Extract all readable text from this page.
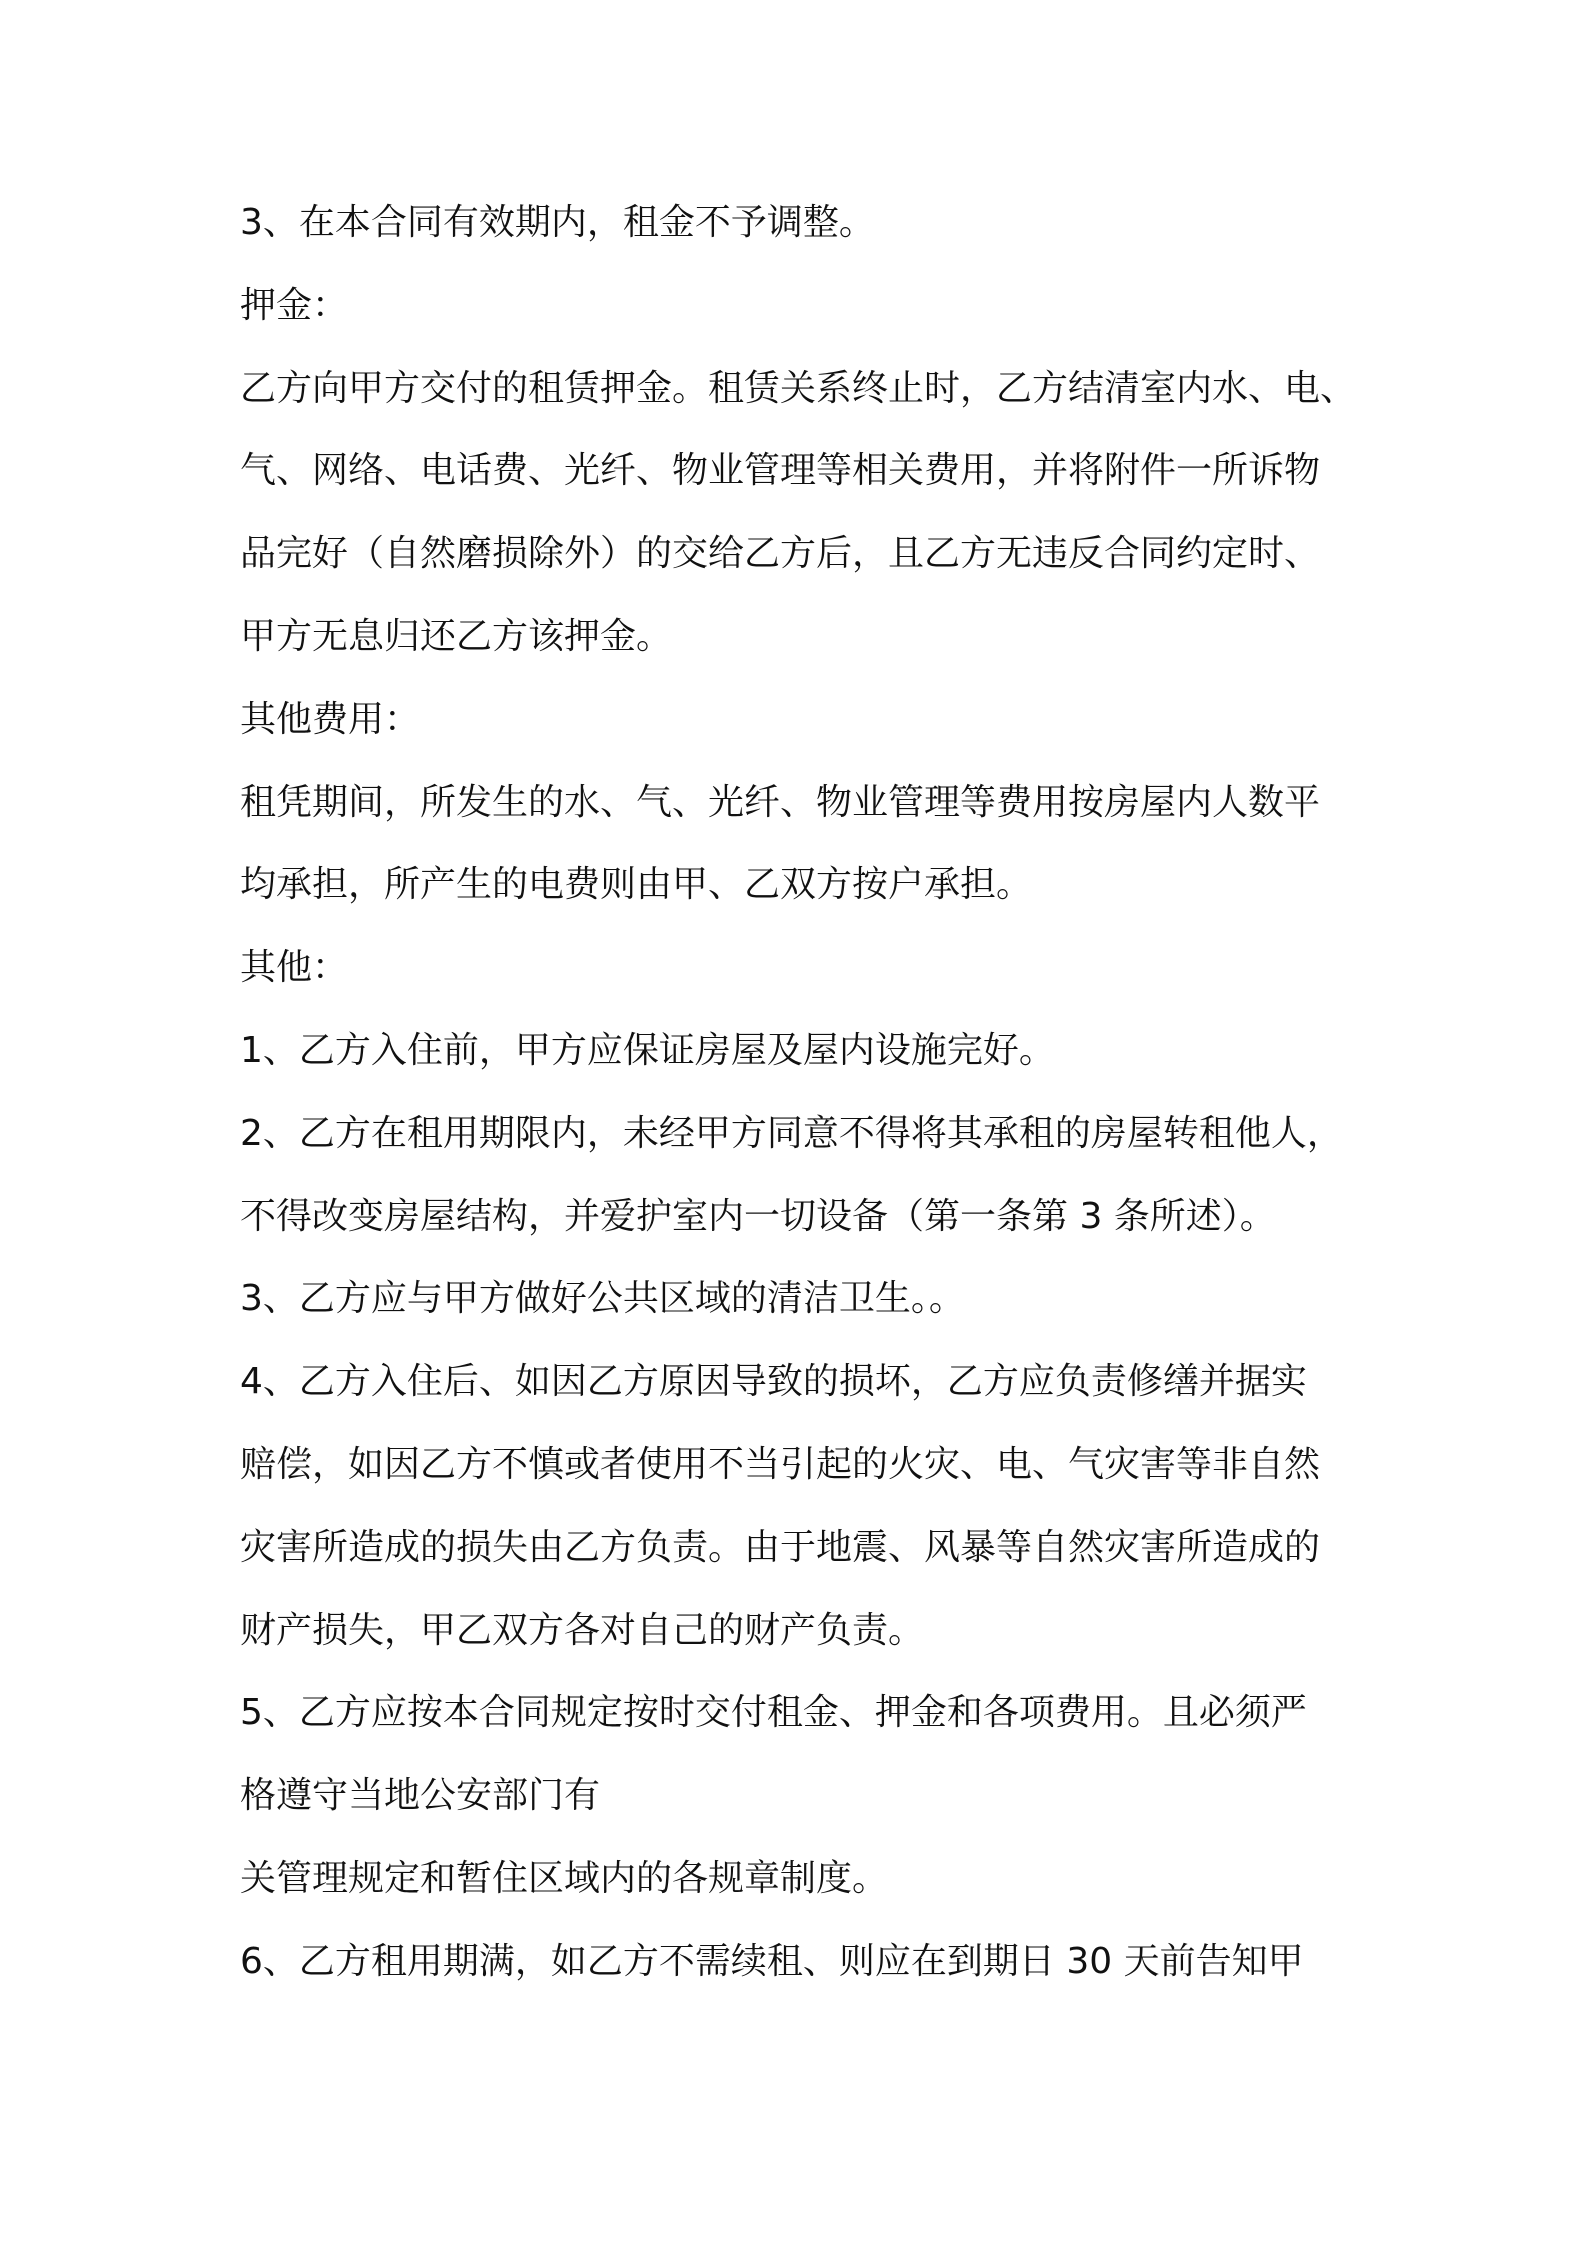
3、在本合同有效期内，租金不予调整。

押金：

乙方向甲方交付的租赁押金。租赁关系终止时，乙方结清室内水、电、

气、网络、电话费、光纤、物业管理等相关费用，并将附件一所诉物

品完好（自然磨损除外）的交给乙方后，且乙方无违反合同约定时、

甲方无息归还乙方该押金。

其他费用：

租凭期间，所发生的水、气、光纤、物业管理等费用按房屋内人数平

均承担，所产生的电费则由甲、乙双方按户承担。

其他：

1、乙方入住前，甲方应保证房屋及屋内设施完好。

2、乙方在租用期限内，未经甲方同意不得将其承租的房屋转租他人，

不得改变房屋结构，并爱护室内一切设备（第一条第 3 条所述）。

3、乙方应与甲方做好公共区域的清洁卫生。。

4、乙方入住后、如因乙方原因导致的损坏，乙方应负责修缮并据实

赔偿，如因乙方不慎或者使用不当引起的火灾、电、气灾害等非自然

灾害所造成的损失由乙方负责。由于地震、风暴等自然灾害所造成的

财产损失，甲乙双方各对自己的财产负责。

5、乙方应按本合同规定按时交付租金、押金和各项费用。且必须严

格遵守当地公安部门有

关管理规定和暂住区域内的各规章制度。

6、乙方租用期满，如乙方不需续租、则应在到期日 30 天前告知甲
